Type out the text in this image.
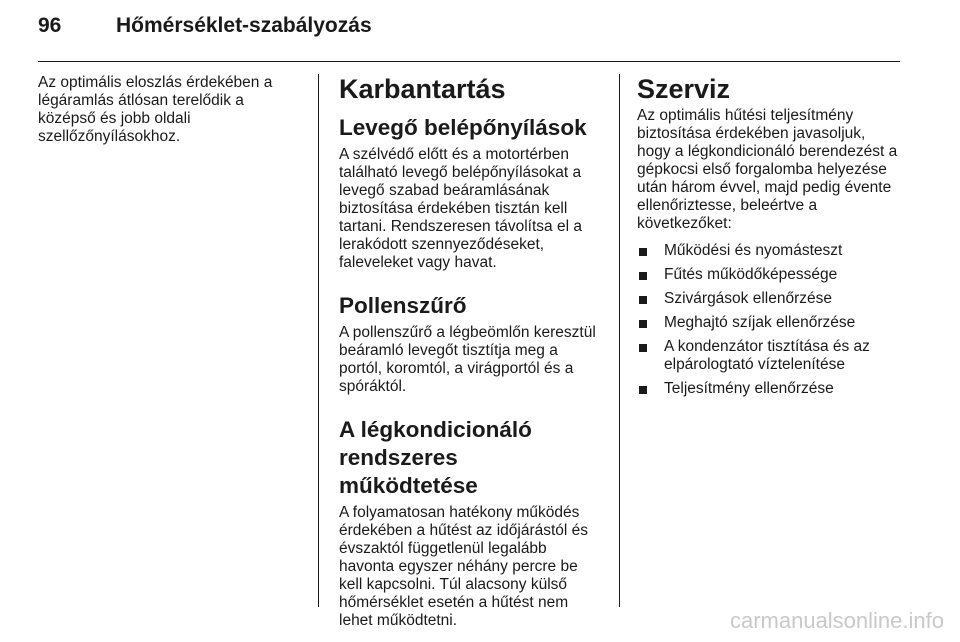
96	Hőmérséklet-szabályozás

Az optimális eloszlás érdekében a légáramlás átlósan terelődik a középső és jobb oldali szellőzőnyílásokhoz.

Karbantartás
Levegő belépőnyílások

A szélvédő előtt és a motortérben található levegő belépőnyílásokat a levegő szabad beáramlásának biztosítása érdekében tisztán kell tartani. Rendszeresen távolítsa el a lerakódott szennyeződéseket, faleveleket vagy havat.

Pollenszűrő

A pollenszűrő a légbeömlőn keresztül beáramló levegőt tisztítja meg a portól, koromtól, a virágportól és a spóráktól.

A légkondicionáló rendszeres működtetése

A folyamatosan hatékony működés érdekében a hűtést az időjárástól és évszaktól függetlenül legalább havonta egyszer néhány percre be kell kapcsolni. Túl alacsony külső hőmérséklet esetén a hűtést nem lehet működtetni.

Szerviz

Az optimális hűtési teljesítmény biztosítása érdekében javasoljuk, hogy a légkondicionáló berendezést a gépkocsi első forgalomba helyezése után három évvel, majd pedig évente ellenőriztesse, beleértve a következőket:

Működési és nyomásteszt
Fűtés működőképessége
Szivárgások ellenőrzése
Meghajtó szíjak ellenőrzése
A kondenzátor tisztítása és az elpárologtató víztelenítése
Teljesítmény ellenőrzése
carmanualsonline.info
